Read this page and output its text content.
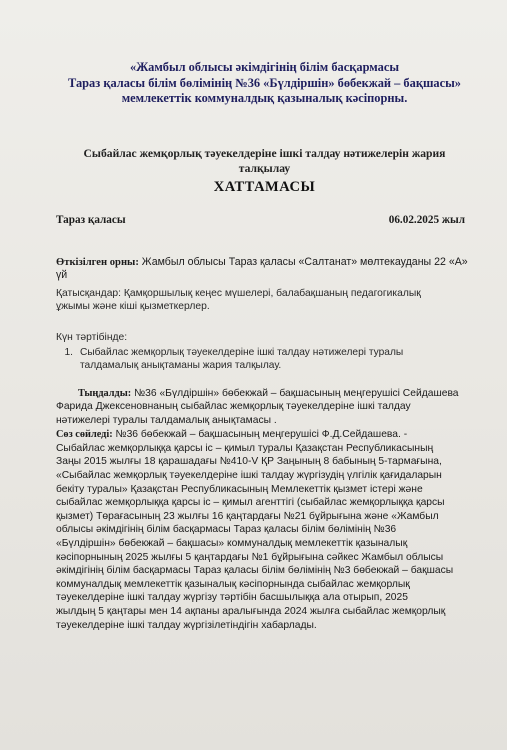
«Жамбыл облысы әкімдігінің білім басқармасы
Тараз қаласы білім бөлімінің №36 «Бүлдіршін» бөбекжай – бақшасы»
мемлекеттік коммуналдық қазыналық кәсіпорны.
Сыбайлас жемқорлық тәуекелдеріне ішкі талдау нәтижелерін жария
талқылау
ХАТТАМАСЫ
Тараз қаласы	06.02.2025 жыл
Өткізілген орны: Жамбыл облысы Тараз қаласы «Салтанат» мөлтекауданы 22 «А»
үй
Қатысқандар: Қамқоршылық кеңес мүшелері, балабақшаның педагогикалық
ұжымы және кіші қызметкерлер.
Күн тәртібінде:
1. Сыбайлас жемқорлық тәуекелдеріне ішкі талдау нәтижелері туралы
талдамалық анықтаманы жария талқылау.
Тыңдалды: №36 «Бүлдіршін» бөбекжай – бақшасының меңгерушісі Сейдашева
Фарида Джексеновнаның сыбайлас жемқорлық тәуекелдеріне ішкі талдау
нәтижелері туралы талдамалық анықтамасы .
Сөз сөйледі: №36 бөбекжай – бақшасының меңгерушісі Ф.Д.Сейдашева. -
Сыбайлас жемқорлыққа қарсы іс – қимыл туралы Қазақстан Республикасының
Заңы 2015 жылғы 18 қарашадағы №410-V ҚР Заңының 8 бабының 5-тармағына,
«Сыбайлас жемқорлық тәуекелдеріне ішкі талдау жүргізудің үлгілік қағидаларын
бекіту туралы» Қазақстан Республикасының Мемлекеттік қызмет істері және
сыбайлас жемқорлыққа қарсы іс – қимыл агенттігі (сыбайлас жемқорлыққа қарсы
қызмет) Төрағасының 23 жылғы 16 қаңтардағы №21 бұйрығына және «Жамбыл
облысы әкімдігінің білім басқармасы Тараз қаласы білім бөлімінің №36
«Бүлдіршін» бөбекжай – бақшасы» коммуналдық мемлекеттік қазыналық
кәсіпорнының 2025 жылғы 5 қаңтардағы №1 бұйрығына сәйкес Жамбыл облысы
әкімдігінің білім басқармасы Тараз қаласы білім бөлімінің №3 бөбекжай – бақшасы
коммуналдық мемлекеттік қазыналық кәсіпорнында сыбайлас жемқорлық
тәуекелдеріне ішкі талдау жүргізу тәртібін басшылыққа ала отырып, 2025
жылдың 5 қаңтары мен 14 ақпаны аралығында 2024 жылға сыбайлас жемқорлық
тәуекелдеріне ішкі талдау жүргізілетіндігін хабарлады.
